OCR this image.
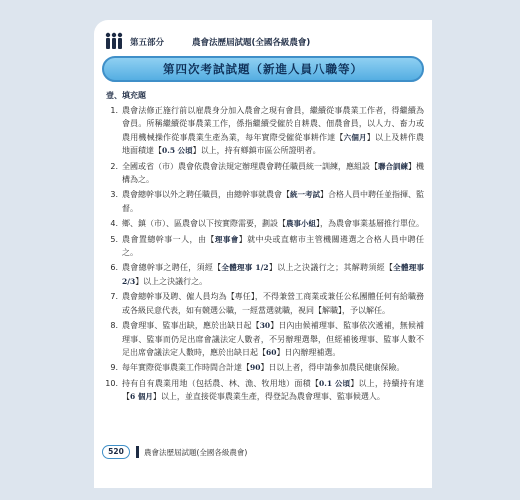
第五部分	農會法歷屆試題(全國各級農會)
第四次考試試題（新進人員八職等）
壹、填充題
1. 農會法修正施行前以雇農身分加入農會之現有會員，繼續從事農業工作者，得繼續為會員。所稱繼續從事農業工作，係指繼續受僱於自耕農、佃農會員，以人力、畜力或農用機械操作從事農業生產為業，每年實際受僱從事耕作達【六個月】以上及耕作農地面積達【0.5 公頃】以上，持有鄉鎮市區公所證明者。
2. 全國或省（市）農會依農會法規定辦理農會聘任職員統一訓練，應組設【聯合訓練】機構為之。
3. 農會總幹事以外之聘任職員，由總幹事就農會【統一考試】合格人員中聘任並指揮、監督。
4. 鄉、鎮（市）、區農會以下按實際需要，劃設【農事小組】，為農會事業基層推行單位。
5. 農會置總幹事一人，由【理事會】就中央或直轄市主管機關遴選之合格人員中聘任之。
6. 農會總幹事之聘任，須經【全體理事 1/2】以上之決議行之；其解聘須經【全體理事 2/3】以上之決議行之。
7. 農會總幹事及聘、僱人員均為【專任】，不得兼營工商業或兼任公私團體任何有給職務或各級民意代表，如有競選公職，一經當選就職，視同【解職】，予以解任。
8. 農會理事、監事出缺，應於出缺日起【30】日內由候補理事、監事依次遞補，無候補理事、監事而仍足出席會議法定人數者，不另辦理選舉，但經補後理事、監事人數不足出席會議法定人數時，應於出缺日起【60】日內辦理補選。
9. 每年實際從事農業工作時間合計達【90】日以上者，得申請參加農民健康保險。
10. 持有自有農業用地（包括農、林、漁、牧用地）面積【0.1 公頃】以上，持續持有達【6 個月】以上，並直接從事農業生產，得登記為農會理事、監事候選人。
520	農會法歷屆試題(全國各級農會)
